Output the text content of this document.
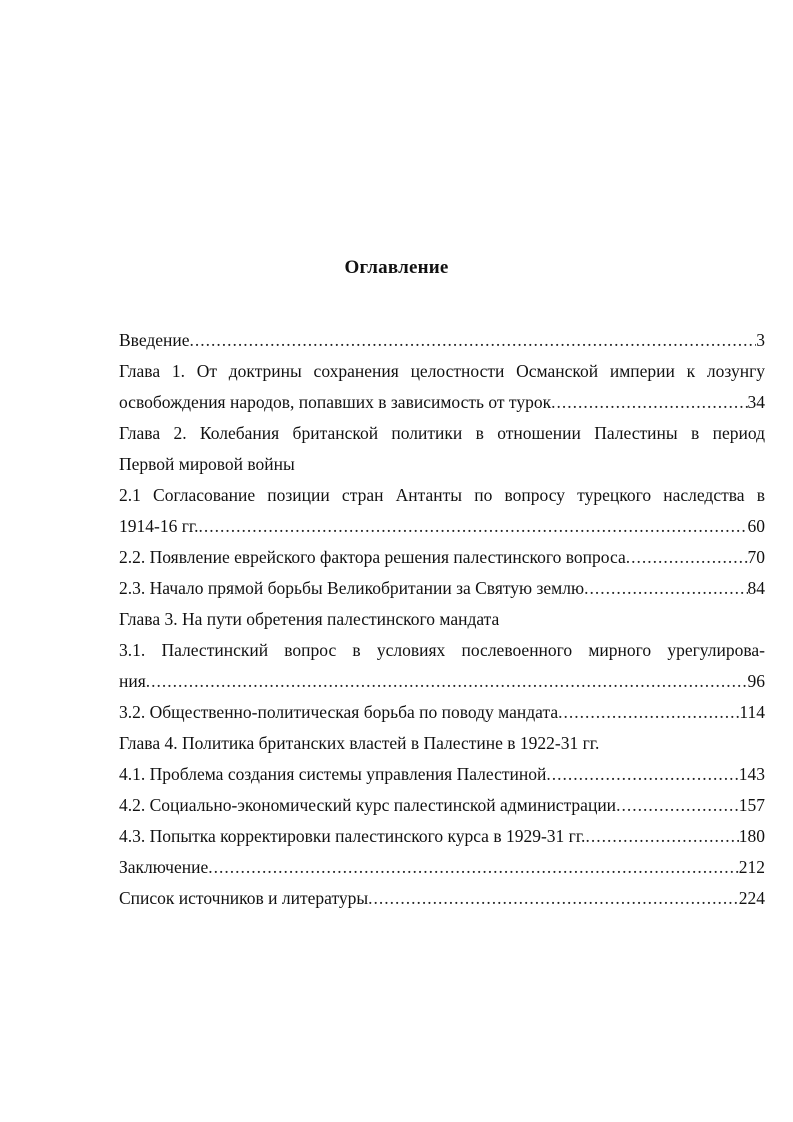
Оглавление
Введение .....	3
Глава 1. От доктрины сохранения целостности Османской империи к лозунгу
освобождения народов, попавших в зависимость от турок .....	34
Глава 2. Колебания британской политики в отношении Палестины в период
Первой мировой войны
2.1 Согласование позиции стран Антанты по вопросу турецкого наследства в
1914-16 гг. .....	60
2.2. Появление еврейского фактора решения палестинского вопроса .....	70
2.3. Начало прямой борьбы Великобритании за Святую землю .....	84
Глава 3. На пути обретения палестинского мандата
3.1. Палестинский вопрос в условиях послевоенного мирного урегулирова-
ния .....	96
3.2. Общественно-политическая борьба по поводу мандата .....	114
Глава 4. Политика британских властей в Палестине в 1922-31 гг.
4.1. Проблема создания системы управления Палестиной .....	143
4.2. Социально-экономический курс палестинской администрации .....	157
4.3. Попытка корректировки палестинского курса в 1929-31 гг. .....	180
Заключение .....	212
Список источников и литературы .....	224
